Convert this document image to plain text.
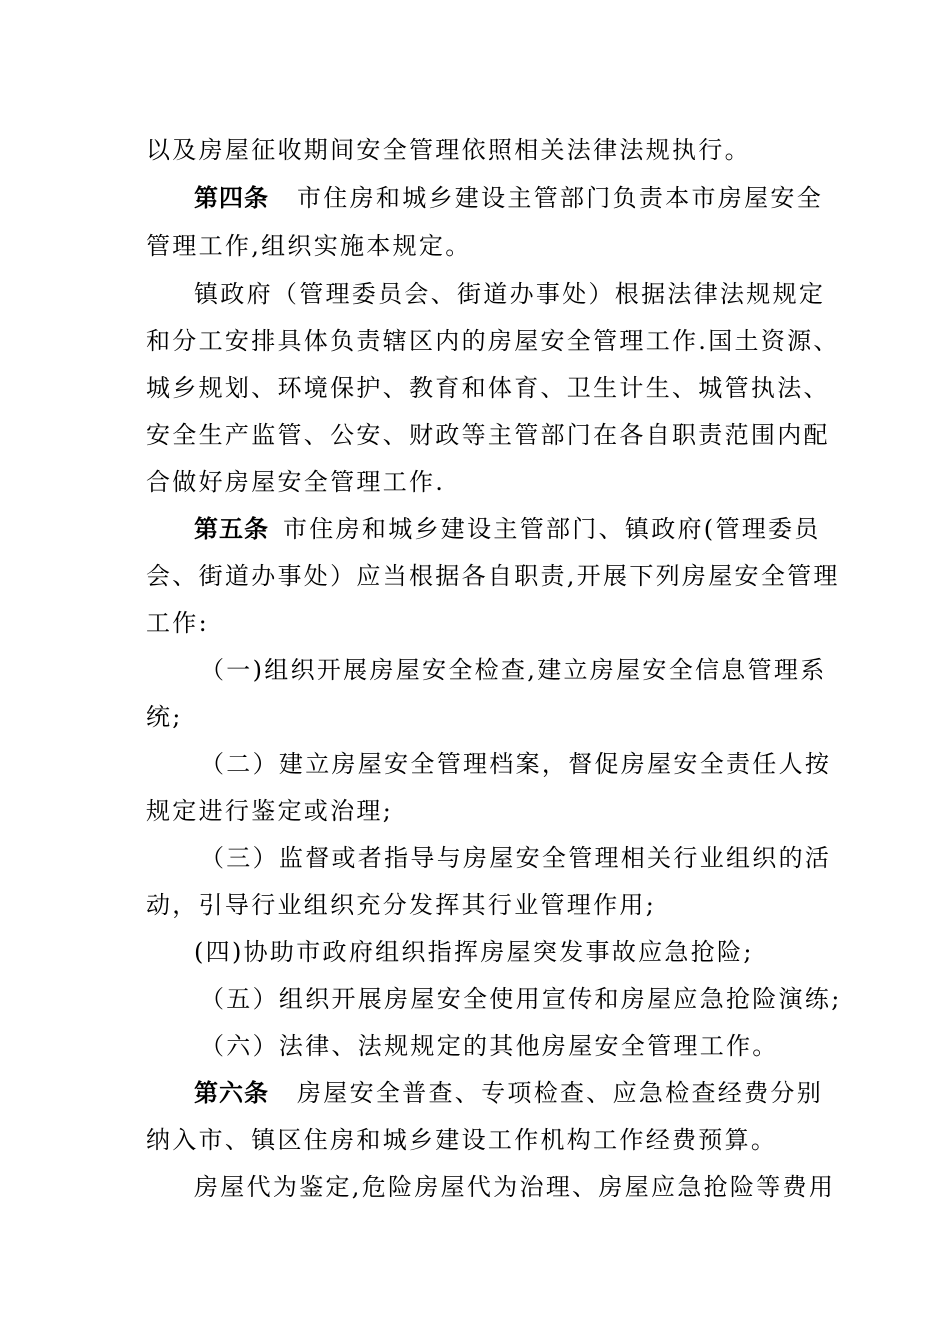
以及房屋征收期间安全管理依照相关法律法规执行。
第四条 市住房和城乡建设主管部门负责本市房屋安全
管理工作,组织实施本规定。
镇政府（管理委员会、街道办事处）根据法律法规规定
和分工安排具体负责辖区内的房屋安全管理工作.国土资源、
城乡规划、环境保护、教育和体育、卫生计生、城管执法、
安全生产监管、公安、财政等主管部门在各自职责范围内配
合做好房屋安全管理工作.
第五条 市住房和城乡建设主管部门、镇政府(管理委员
会、街道办事处）应当根据各自职责,开展下列房屋安全管理
工作:
（一)组织开展房屋安全检查,建立房屋安全信息管理系
统;
（二）建立房屋安全管理档案，督促房屋安全责任人按
规定进行鉴定或治理;
（三）监督或者指导与房屋安全管理相关行业组织的活
动，引导行业组织充分发挥其行业管理作用;
(四)协助市政府组织指挥房屋突发事故应急抢险;
（五）组织开展房屋安全使用宣传和房屋应急抢险演练;
（六）法律、法规规定的其他房屋安全管理工作。
第六条 房屋安全普查、专项检查、应急检查经费分别
纳入市、镇区住房和城乡建设工作机构工作经费预算。
房屋代为鉴定,危险房屋代为治理、房屋应急抢险等费用
